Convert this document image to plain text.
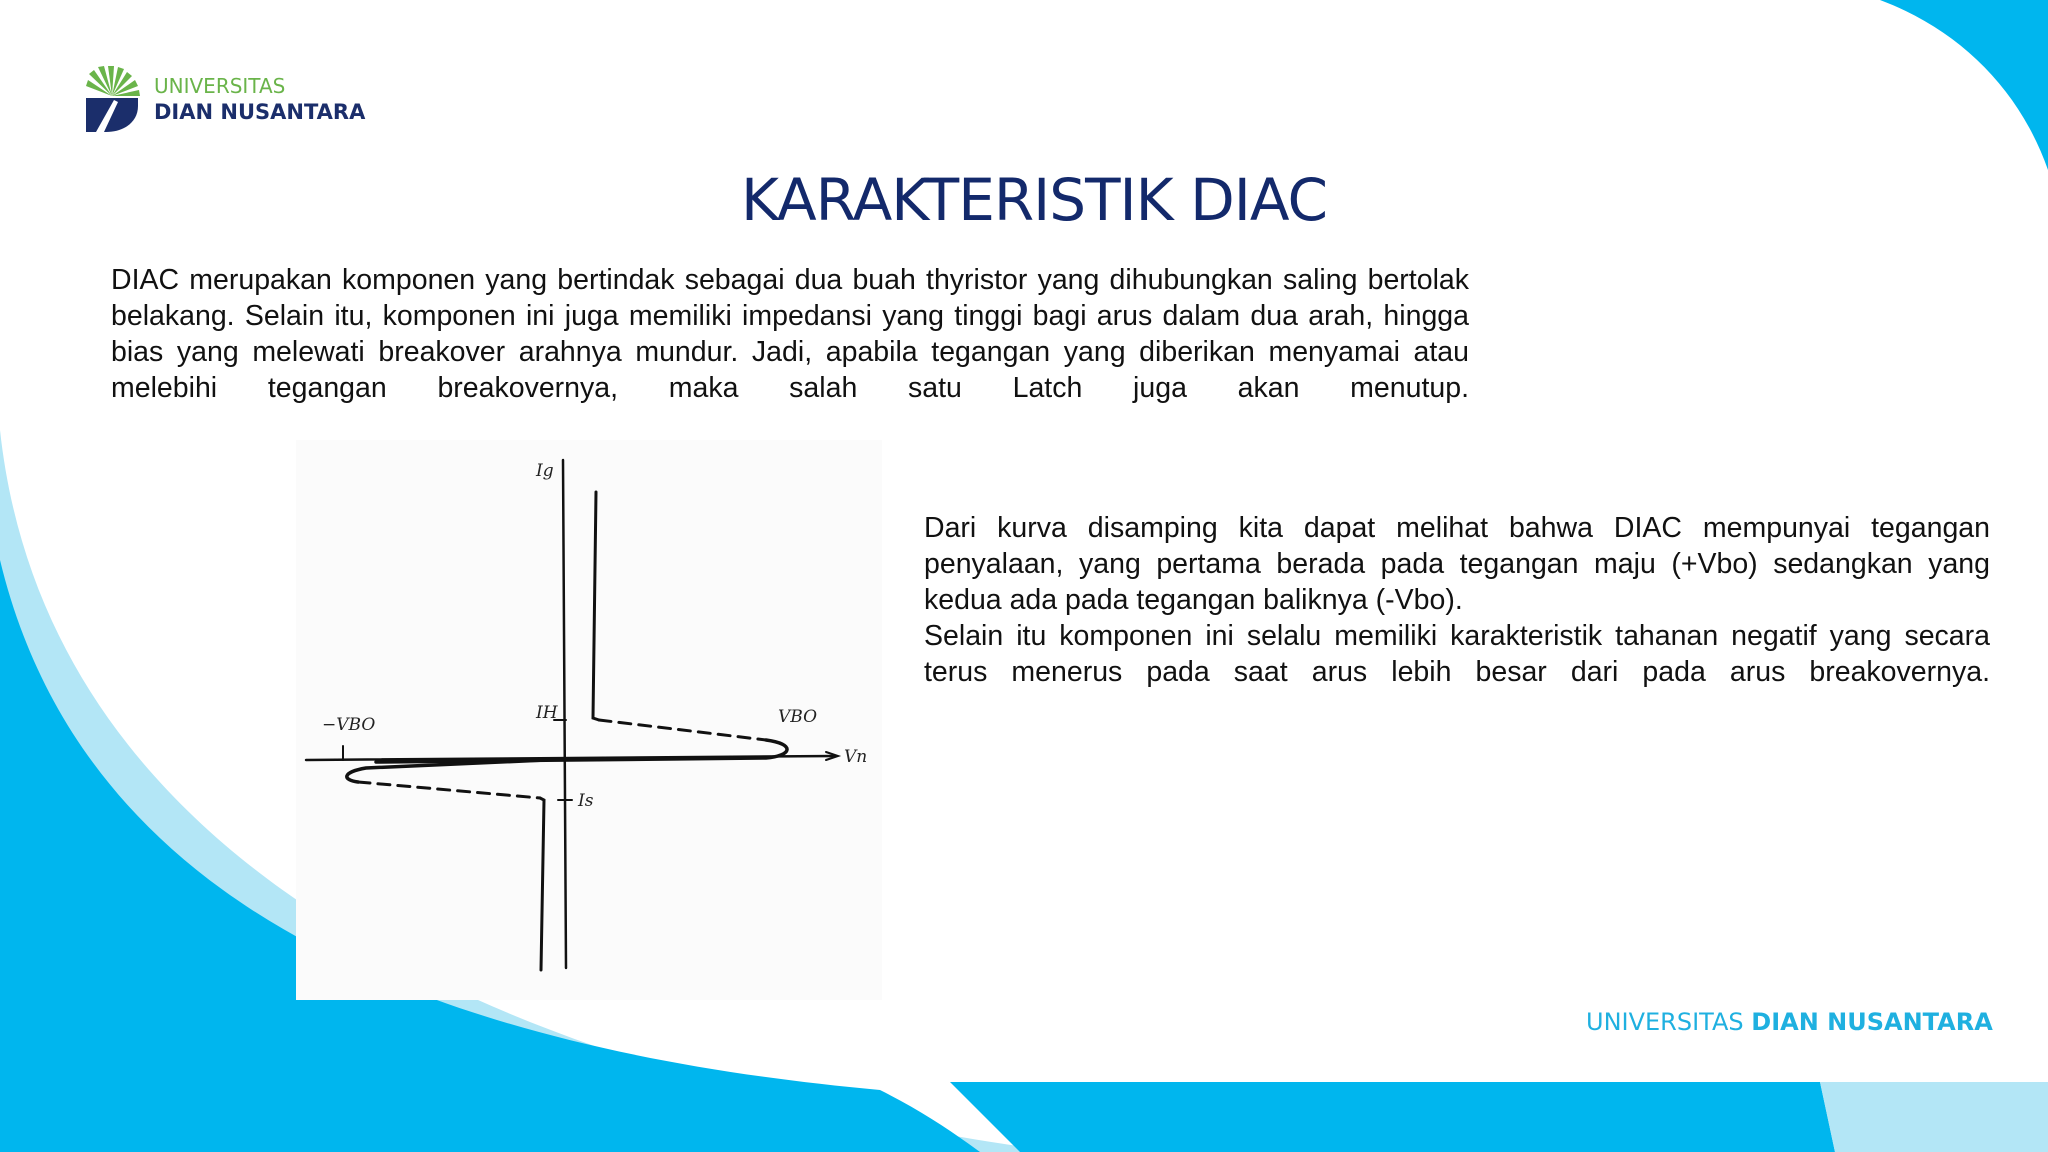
UNIVERSITAS
DIAN NUSANTARA
KARAKTERISTIK DIAC

DIAC merupakan komponen yang bertindak sebagai dua buah thyristor yang dihubungkan saling bertolak belakang. Selain itu, komponen ini juga memiliki impedansi yang tinggi bagi arus dalam dua arah, hingga bias yang melewati breakover arahnya mundur. Jadi, apabila tegangan yang diberikan menyamai atau melebihi tegangan breakovernya, maka salah satu Latch juga akan menutup.

Ig
IH	VBO
−VBO
Vn
Is

Dari kurva disamping kita dapat melihat bahwa DIAC mempunyai tegangan penyalaan, yang pertama berada pada tegangan maju (+Vbo) sedangkan yang kedua ada pada tegangan baliknya (-Vbo).

Selain itu komponen ini selalu memiliki karakteristik tahanan negatif yang secara terus menerus pada saat arus lebih besar dari pada arus breakovernya.

UNIVERSITAS DIAN NUSANTARA
